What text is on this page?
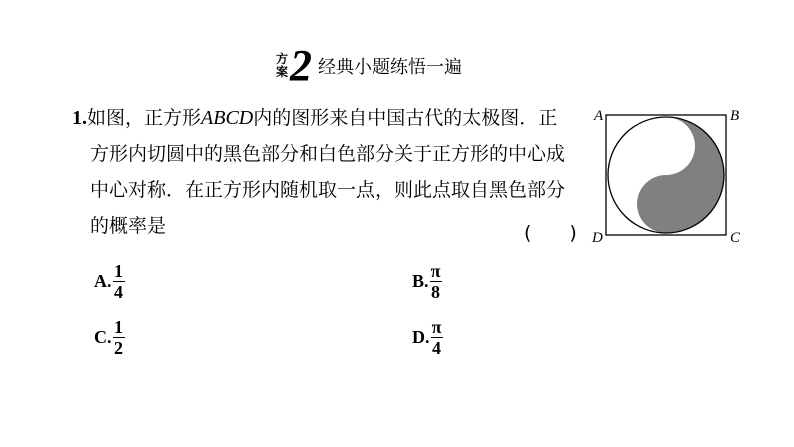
方
案 2 经典小题练悟一遍
1.如图，正方形ABCD内的图形来自中国古代的太极图．正
方形内切圆中的黑色部分和白色部分关于正方形的中心成
中心对称．在正方形内随机取一点，则此点取自黑色部分
的概率是	(　　)
A	B
C
D
A. $\frac{1}{4}$	B. $\frac{\pi}{8}$
C. $\frac{1}{2}$	D. $\frac{\pi}{4}$
